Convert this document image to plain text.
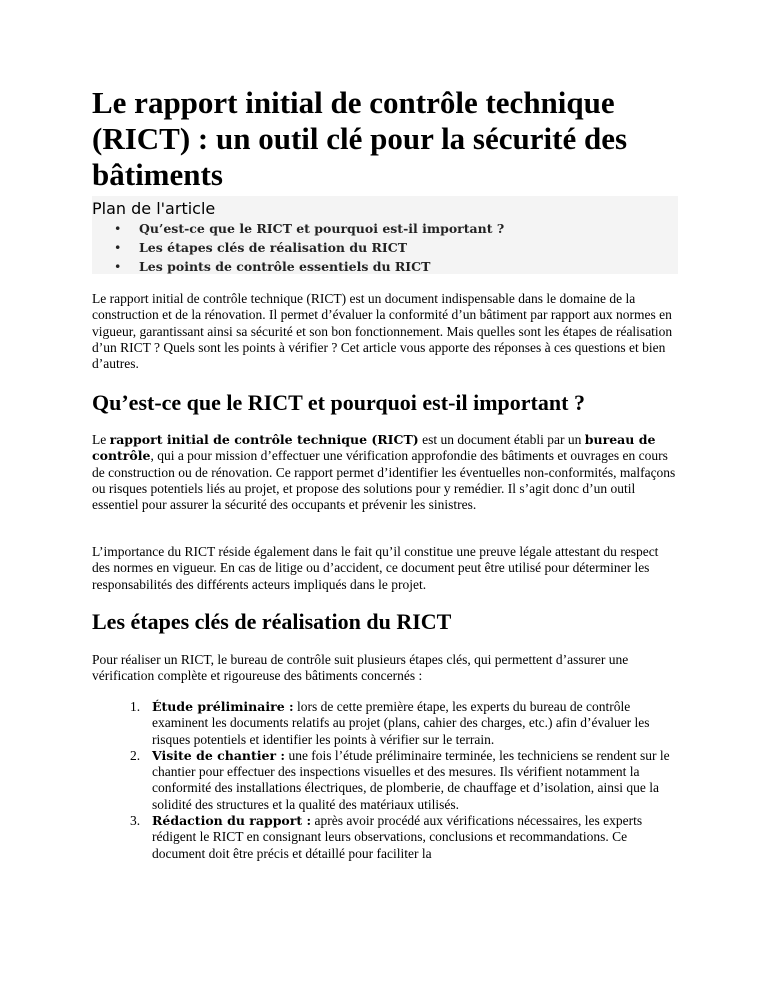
Le rapport initial de contrôle technique (RICT) : un outil clé pour la sécurité des bâtiments
Plan de l'article
• Qu’est-ce que le RICT et pourquoi est-il important ?
• Les étapes clés de réalisation du RICT
• Les points de contrôle essentiels du RICT

Le rapport initial de contrôle technique (RICT) est un document indispensable dans le domaine de la construction et de la rénovation. Il permet d’évaluer la conformité d’un bâtiment par rapport aux normes en vigueur, garantissant ainsi sa sécurité et son bon fonctionnement. Mais quelles sont les étapes de réalisation d’un RICT ? Quels sont les points à vérifier ? Cet article vous apporte des réponses à ces questions et bien d’autres.

Qu’est-ce que le RICT et pourquoi est-il important ?

Le rapport initial de contrôle technique (RICT) est un document établi par un bureau de contrôle, qui a pour mission d’effectuer une vérification approfondie des bâtiments et ouvrages en cours de construction ou de rénovation. Ce rapport permet d’identifier les éventuelles non-conformités, malfaçons ou risques potentiels liés au projet, et propose des solutions pour y remédier. Il s’agit donc d’un outil essentiel pour assurer la sécurité des occupants et prévenir les sinistres.

L’importance du RICT réside également dans le fait qu’il constitue une preuve légale attestant du respect des normes en vigueur. En cas de litige ou d’accident, ce document peut être utilisé pour déterminer les responsabilités des différents acteurs impliqués dans le projet.

Les étapes clés de réalisation du RICT

Pour réaliser un RICT, le bureau de contrôle suit plusieurs étapes clés, qui permettent d’assurer une vérification complète et rigoureuse des bâtiments concernés :

1. Étude préliminaire : lors de cette première étape, les experts du bureau de contrôle examinent les documents relatifs au projet (plans, cahier des charges, etc.) afin d’évaluer les risques potentiels et identifier les points à vérifier sur le terrain.
2. Visite de chantier : une fois l’étude préliminaire terminée, les techniciens se rendent sur le chantier pour effectuer des inspections visuelles et des mesures. Ils vérifient notamment la conformité des installations électriques, de plomberie, de chauffage et d’isolation, ainsi que la solidité des structures et la qualité des matériaux utilisés.
3. Rédaction du rapport : après avoir procédé aux vérifications nécessaires, les experts rédigent le RICT en consignant leurs observations, conclusions et recommandations. Ce document doit être précis et détaillé pour faciliter la
